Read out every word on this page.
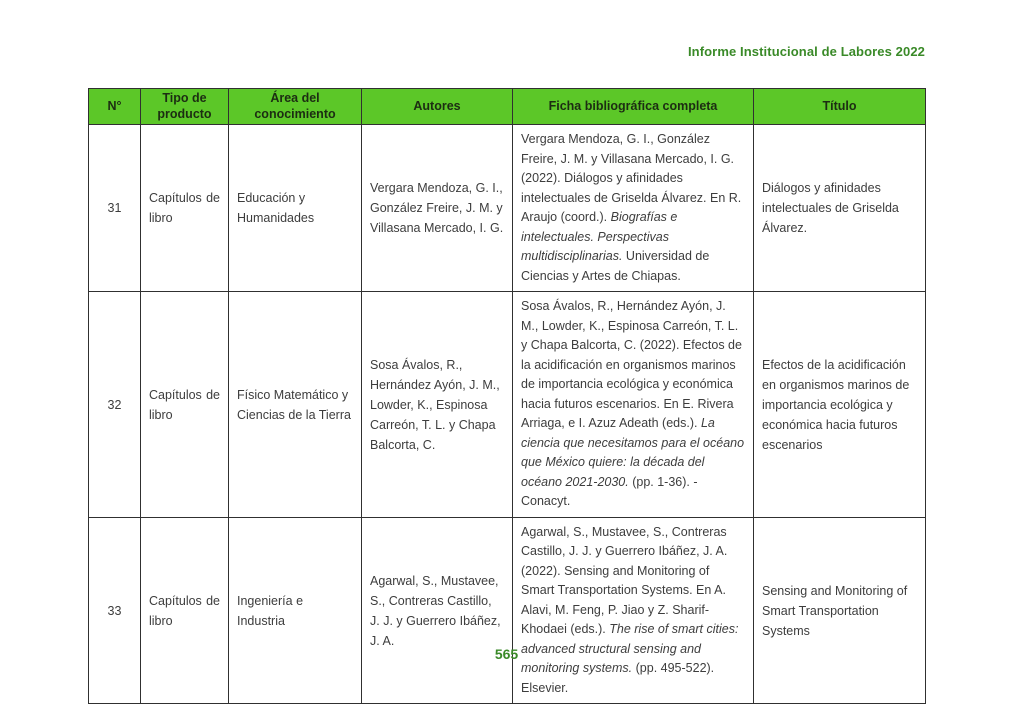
Informe Institucional de Labores 2022
N°	Tipo de producto	Área del conocimiento	Autores	Ficha bibliográfica completa	Título
31	Capítulos de libro	Educación y Humanidades	Vergara Mendoza, G. I., González Freire, J. M. y Villasana Mercado, I. G.	Vergara Mendoza, G. I., González Freire, J. M. y Villasana Mercado, I. G. (2022). Diálogos y afinidades intelectuales de Griselda Álvarez. En R. Araujo (coord.). Biografías e intelectuales. Perspectivas multidisciplinarias. Universidad de Ciencias y Artes de Chiapas.	Diálogos y afinidades intelectuales de Griselda Álvarez.
32	Capítulos de libro	Físico Matemático y Ciencias de la Tierra	Sosa Ávalos, R., Hernández Ayón, J. M., Lowder, K., Espinosa Carreón, T. L. y Chapa Balcorta, C.	Sosa Ávalos, R., Hernández Ayón, J. M., Lowder, K., Espinosa Carreón, T. L. y Chapa Balcorta, C. (2022). Efectos de la acidificación en organismos marinos de importancia ecológica y económica hacia futuros escenarios. En E. Rivera Arriaga, e I. Azuz Adeath (eds.). La ciencia que necesitamos para el océano que México quiere: la década del océano 2021-2030. (pp. 1-36). -Conacyt.	Efectos de la acidificación en organismos marinos de importancia ecológica y económica hacia futuros escenarios
33	Capítulos de libro	Ingeniería e Industria	Agarwal, S., Mustavee, S., Contreras Castillo, J. J. y Guerrero Ibáñez, J. A.	Agarwal, S., Mustavee, S., Contreras Castillo, J. J. y Guerrero Ibáñez, J. A. (2022). Sensing and Monitoring of Smart Transportation Systems. En A. Alavi, M. Feng, P. Jiao y Z. Sharif-Khodaei (eds.). The rise of smart cities: advanced structural sensing and monitoring systems. (pp. 495-522). Elsevier.	Sensing and Monitoring of Smart Transportation Systems
565
